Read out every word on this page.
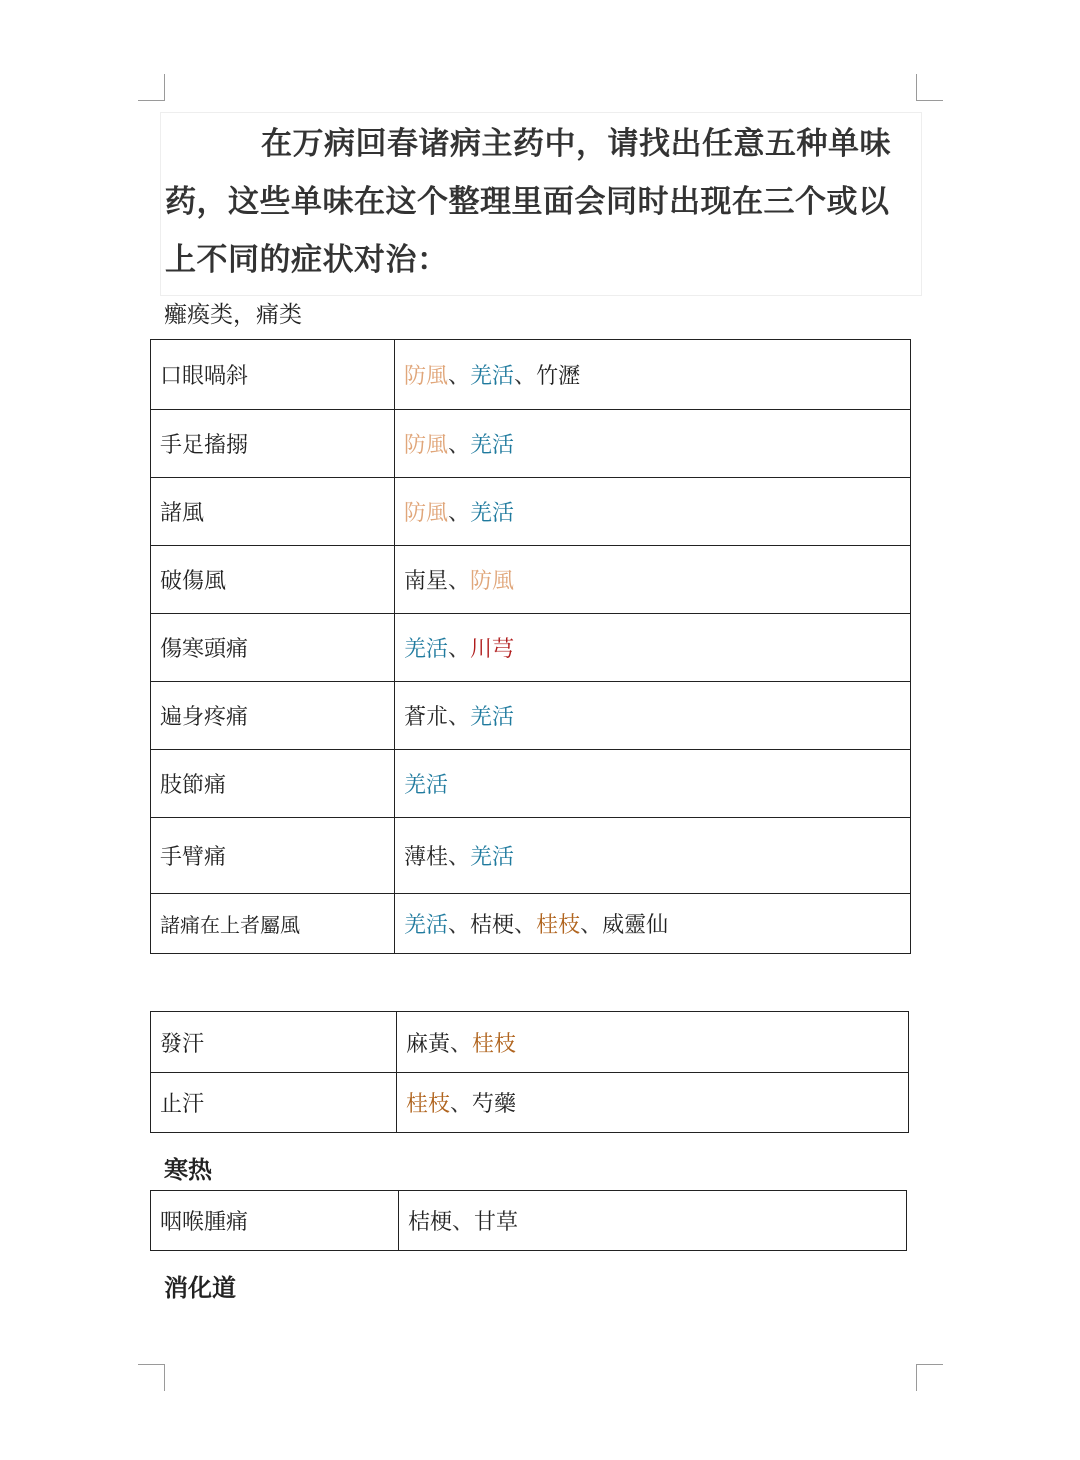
在万病回春诸病主药中，请找出任意五种单味药，这些单味在这个整理里面会同时出现在三个或以上不同的症状对治：
癱瘓类，痛类
口眼喎斜	防風、羌活、竹瀝
手足搐搦	防風、羌活
諸風	防風、羌活
破傷風	南星、防風
傷寒頭痛	羌活、川芎
遍身疼痛	蒼朮、羌活
肢節痛	羌活
手臂痛	薄桂、羌活
諸痛在上者屬風	羌活、桔梗、桂枝、威靈仙
發汗	麻黃、桂枝
止汗	桂枝、芍藥
寒热
咽喉腫痛	桔梗、甘草
消化道
